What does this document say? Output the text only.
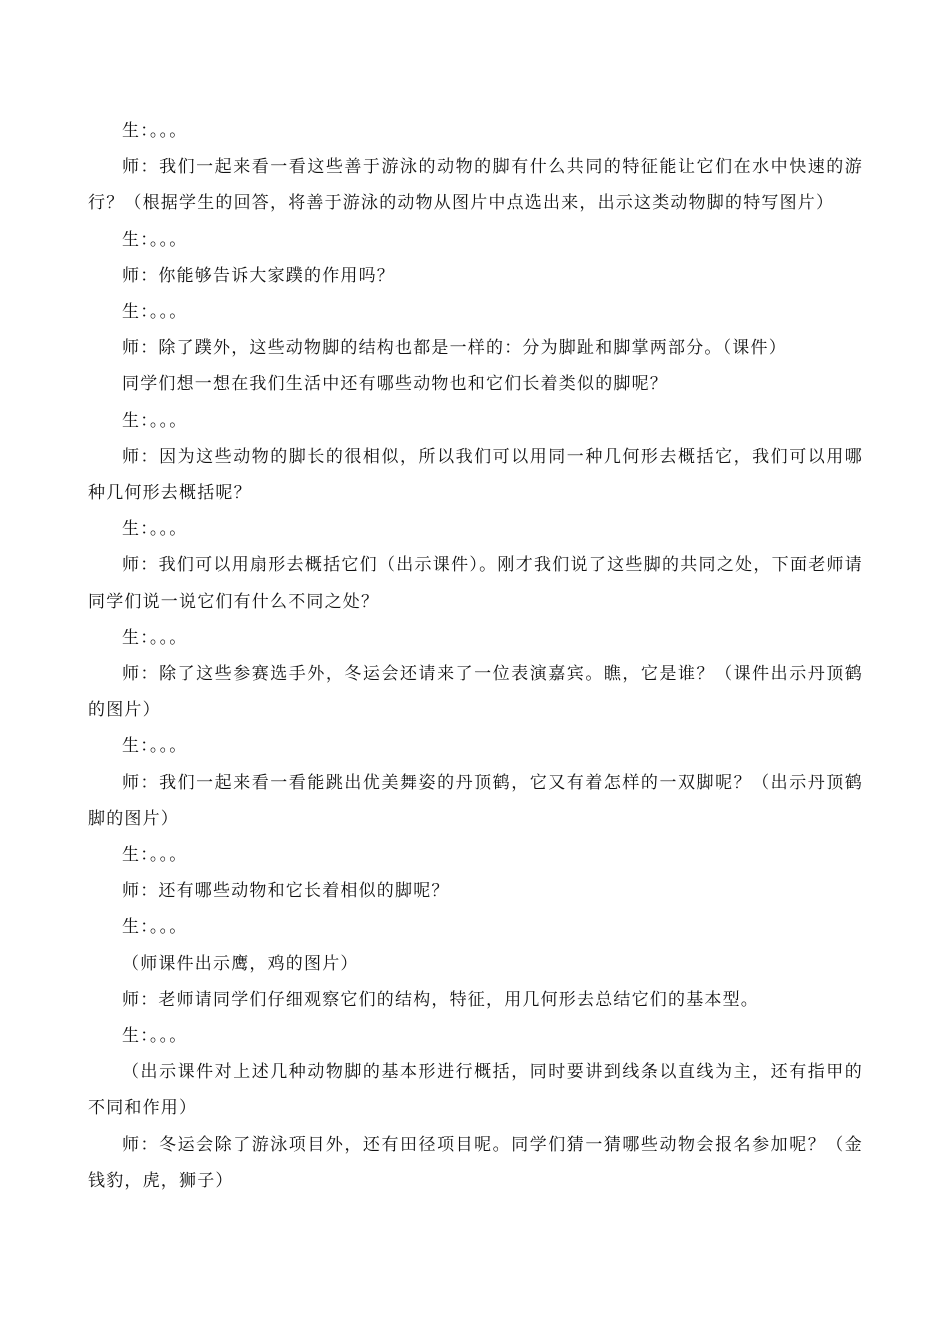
生：。。。

师：我们一起来看一看这些善于游泳的动物的脚有什么共同的特征能让它们在水中快速的游行？（根据学生的回答，将善于游泳的动物从图片中点选出来，出示这类动物脚的特写图片）

生：。。。

师：你能够告诉大家蹼的作用吗？

生：。。。

师：除了蹼外，这些动物脚的结构也都是一样的：分为脚趾和脚掌两部分。（课件）

同学们想一想在我们生活中还有哪些动物也和它们长着类似的脚呢？

生：。。。

师：因为这些动物的脚长的很相似，所以我们可以用同一种几何形去概括它，我们可以用哪种几何形去概括呢？

生：。。。

师：我们可以用扇形去概括它们（出示课件）。刚才我们说了这些脚的共同之处，下面老师请同学们说一说它们有什么不同之处？

生：。。。

师：除了这些参赛选手外，冬运会还请来了一位表演嘉宾。瞧，它是谁？（课件出示丹顶鹤的图片）

生：。。。

师：我们一起来看一看能跳出优美舞姿的丹顶鹤，它又有着怎样的一双脚呢？（出示丹顶鹤脚的图片）

生：。。。

师：还有哪些动物和它长着相似的脚呢？

生：。。。

（师课件出示鹰，鸡的图片）

师：老师请同学们仔细观察它们的结构，特征，用几何形去总结它们的基本型。

生：。。。

（出示课件对上述几种动物脚的基本形进行概括，同时要讲到线条以直线为主，还有指甲的不同和作用）

师：冬运会除了游泳项目外，还有田径项目呢。同学们猜一猜哪些动物会报名参加呢？（金钱豹，虎，狮子）
